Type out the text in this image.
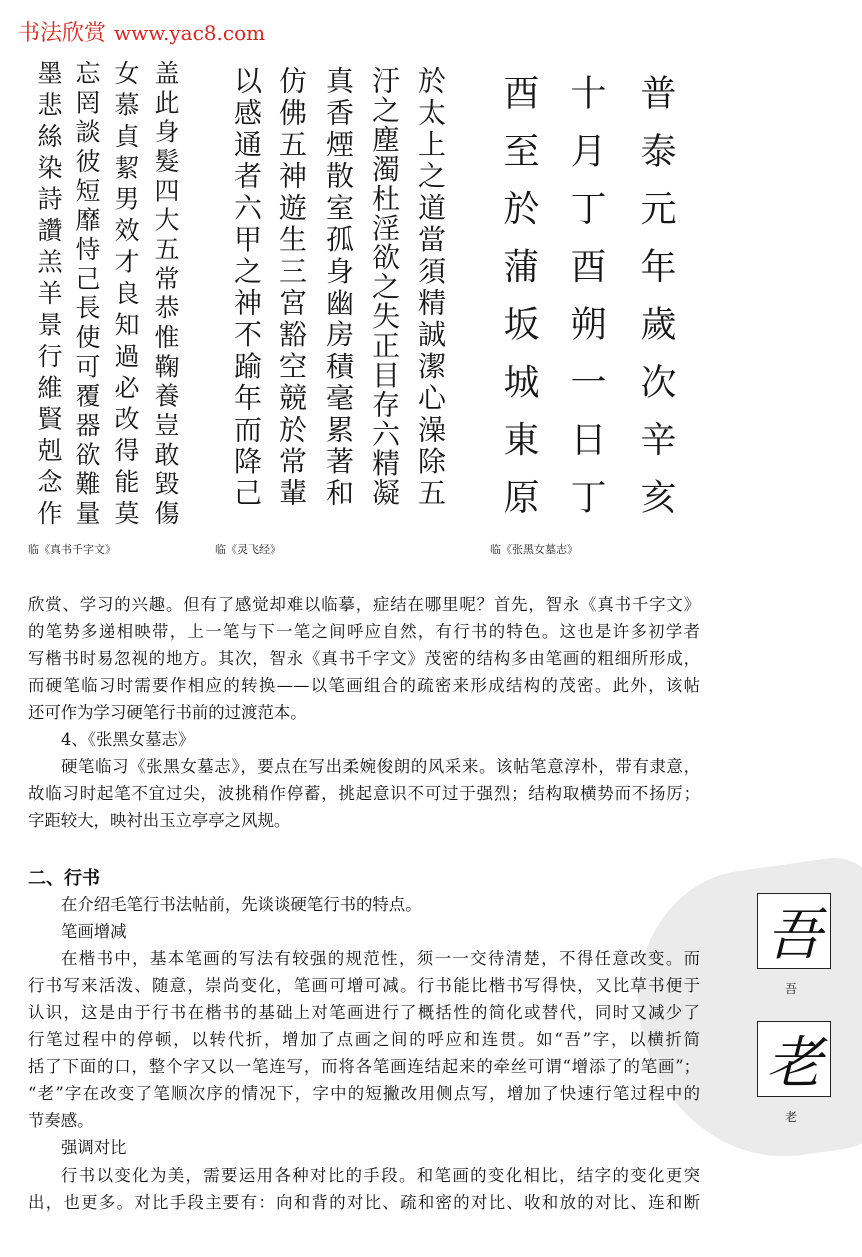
书法欣赏 www.yac8.com
盖此身髮四大五常恭惟鞠養豈敢毀傷
女慕貞絜男效才良知過必改得能莫
忘罔談彼短靡恃己長使可覆器欲難量
墨悲絲染詩讚羔羊景行維賢剋念作
临《真书千字文》
於太上之道當須精誠潔心澡除五
汙之塵濁杜淫欲之失正目存六精凝
真香煙散室孤身幽房積毫累著和
仿佛五神遊生三宮豁空競於常輩
以感通者六甲之神不踰年而降己
临《灵飞经》
普泰元年歲次辛亥
十月丁酉朔一日丁
酉至於蒲坂城東原
临《张黑女墓志》
欣赏、学习的兴趣。但有了感觉却难以临摹，症结在哪里呢？首先，智永《真书千字文》
的笔势多递相映带，上一笔与下一笔之间呼应自然，有行书的特色。这也是许多初学者
写楷书时易忽视的地方。其次，智永《真书千字文》茂密的结构多由笔画的粗细所形成，
而硬笔临习时需要作相应的转换——以笔画组合的疏密来形成结构的茂密。此外，该帖
还可作为学习硬笔行书前的过渡范本。
4、《张黑女墓志》
硬笔临习《张黑女墓志》，要点在写出柔婉俊朗的风采来。该帖笔意淳朴，带有隶意，
故临习时起笔不宜过尖，波挑稍作停蓄，挑起意识不可过于强烈；结构取横势而不扬厉；
字距较大，映衬出玉立亭亭之风规。
二、行书
在介绍毛笔行书法帖前，先谈谈硬笔行书的特点。
笔画增减
在楷书中，基本笔画的写法有较强的规范性，须一一交待清楚，不得任意改变。而
行书写来活泼、随意，崇尚变化，笔画可增可减。行书能比楷书写得快，又比草书便于
认识，这是由于行书在楷书的基础上对笔画进行了概括性的简化或替代，同时又减少了
行笔过程中的停顿，以转代折，增加了点画之间的呼应和连贯。如“吾”字，以横折简
括了下面的口，整个字又以一笔连写，而将各笔画连结起来的牵丝可谓“增添了的笔画”；
“老”字在改变了笔顺次序的情况下，字中的短撇改用侧点写，增加了快速行笔过程中的
节奏感。
强调对比
行书以变化为美，需要运用各种对比的手段。和笔画的变化相比，结字的变化更突
出，也更多。对比手段主要有：向和背的对比、疏和密的对比、收和放的对比、连和断
吾
吾
老
老
